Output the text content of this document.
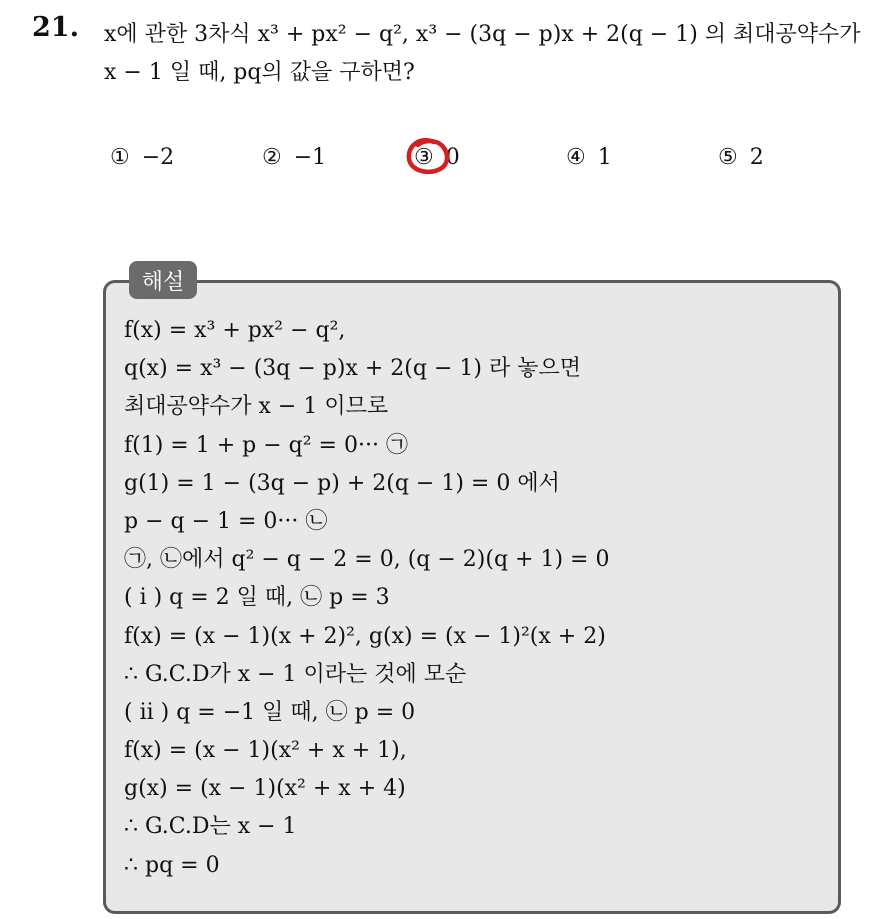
21. x에 관한 3차식 x³ + px² − q², x³ − (3q − p)x + 2(q − 1) 의 최대공약수가
x − 1 일 때, pq의 값을 구하면?
① −2	② −1	③ 0	④ 1	⑤ 2
해설
f(x) = x³ + px² − q²,
q(x) = x³ − (3q − p)x + 2(q − 1) 라 놓으면
최대공약수가 x − 1 이므로
f(1) = 1 + p − q² = 0··· ㉠
g(1) = 1 − (3q − p) + 2(q − 1) = 0 에서
p − q − 1 = 0··· ㉡
㉠, ㉡에서 q² − q − 2 = 0, (q − 2)(q + 1) = 0
( i ) q = 2 일 때, ㉡ p = 3
f(x) = (x − 1)(x + 2)², g(x) = (x − 1)²(x + 2)
∴ G.C.D가 x − 1 이라는 것에 모순
( ii ) q = −1 일 때, ㉡ p = 0
f(x) = (x − 1)(x² + x + 1),
g(x) = (x − 1)(x² + x + 4)
∴ G.C.D는 x − 1
∴ pq = 0
